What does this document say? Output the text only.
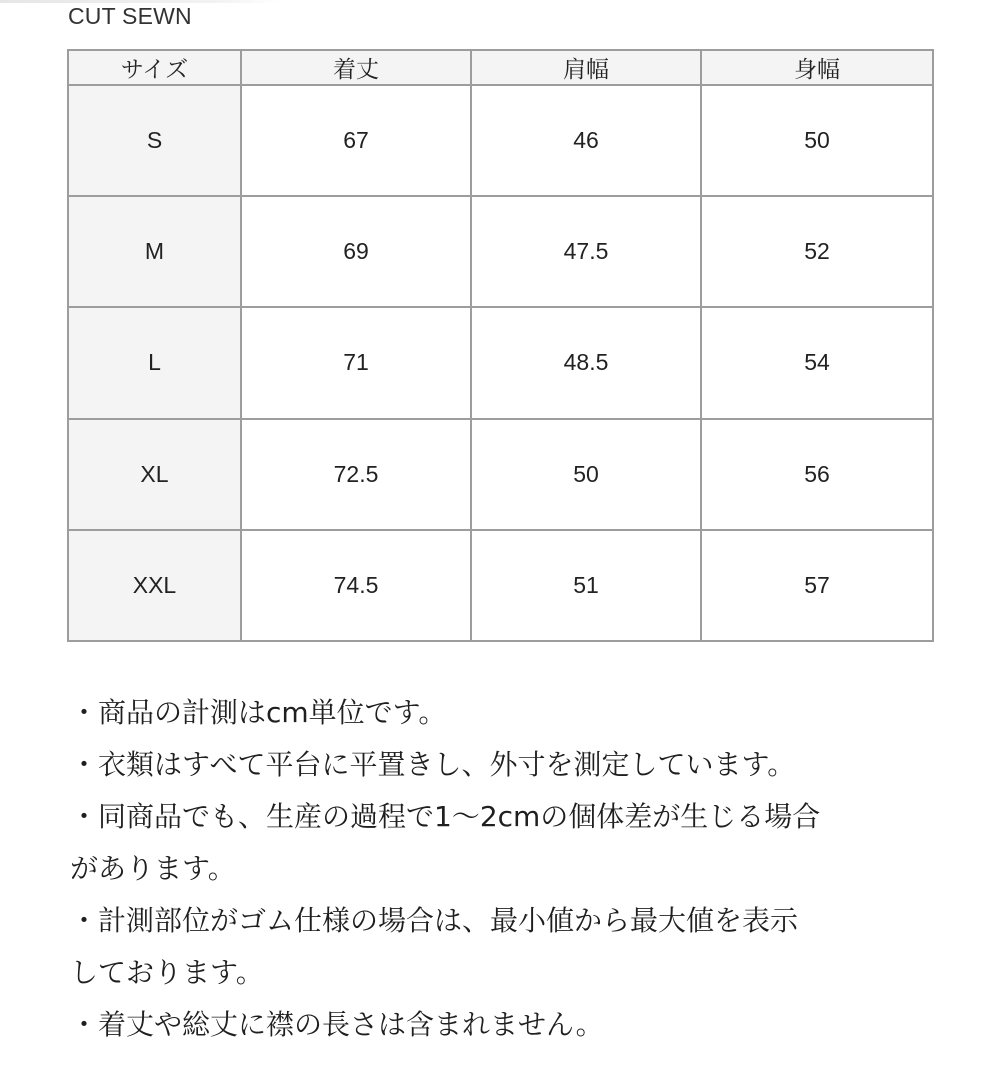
CUT SEWN
サイズ	着丈	肩幅	身幅
S	67	46	50
M	69	47.5	52
L	71	48.5	54
XL	72.5	50	56
XXL	74.5	51	57
・商品の計測はcm単位です。
・衣類はすべて平台に平置きし、外寸を測定しています。
・同商品でも、生産の過程で1～2cmの個体差が生じる場合
があります。
・計測部位がゴム仕様の場合は、最小値から最大値を表示
しております。
・着丈や総丈に襟の長さは含まれません。
